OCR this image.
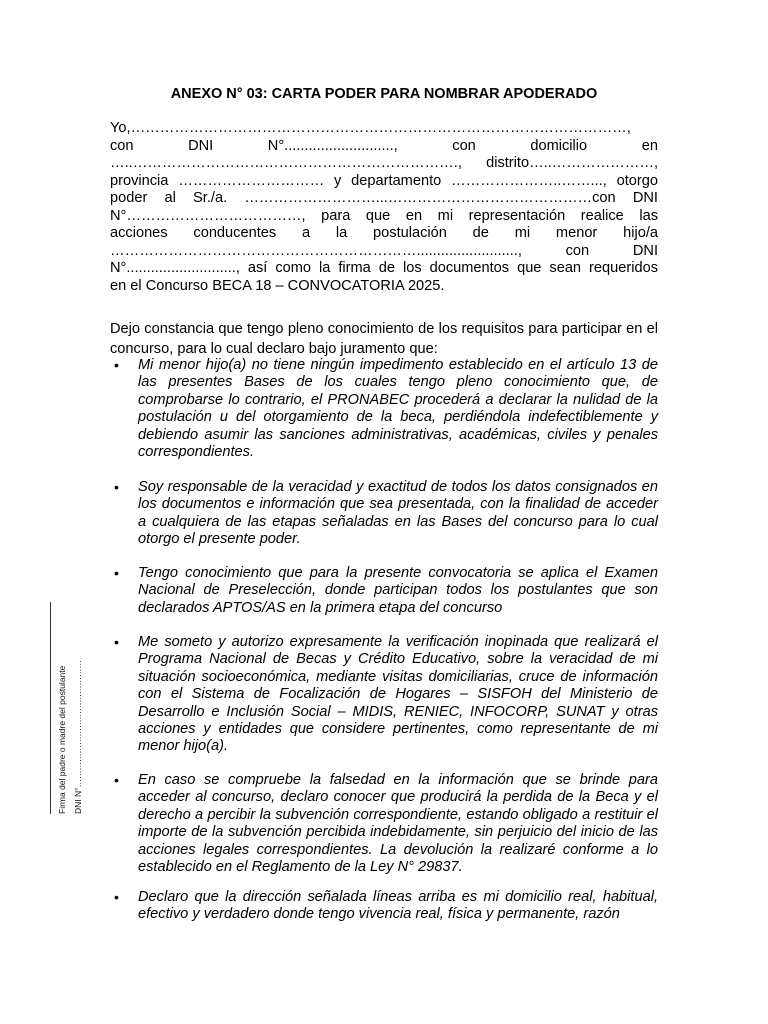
ANEXO N° 03: CARTA PODER PARA NOMBRAR APODERADO
Yo,…………………………………………………………………………………………,
con	DNI	N°...........................,	con	domicilio	en
…..…………………………………………………………., distrito…..…………………,
provincia ………………………… y departamento …………………..……..., otorgo
poder al Sr./a. ………………………...……………………………………con DNI
N°………………………………, para que en mi representación realice las
acciones conducentes a la postulación de mi menor hijo/a
……………………………………………………….........................,	con	DNI
N°..........................., así como la firma de los documentos que sean requeridos
en el Concurso BECA 18 – CONVOCATORIA 2025.

Dejo constancia que tengo pleno conocimiento de los requisitos para participar en el concurso, para lo cual declaro bajo juramento que:

• Mi menor hijo(a) no tiene ningún impedimento establecido en el artículo 13 de las presentes Bases de los cuales tengo pleno conocimiento que, de comprobarse lo contrario, el PRONABEC procederá a declarar la nulidad de la postulación u del otorgamiento de la beca, perdiéndola indefectiblemente y debiendo asumir las sanciones administrativas, académicas, civiles y penales correspondientes.
• Soy responsable de la veracidad y exactitud de todos los datos consignados en los documentos e información que sea presentada, con la finalidad de acceder a cualquiera de las etapas señaladas en las Bases del concurso para lo cual otorgo el presente poder.
• Tengo conocimiento que para la presente convocatoria se aplica el Examen Nacional de Preselección, donde participan todos los postulantes que son declarados APTOS/AS en la primera etapa del concurso
• Me someto y autorizo expresamente la verificación inopinada que realizará el Programa Nacional de Becas y Crédito Educativo, sobre la veracidad de mi situación socioeconómica, mediante visitas domiciliarias, cruce de información con el Sistema de Focalización de Hogares – SISFOH del Ministerio de Desarrollo e Inclusión Social – MIDIS, RENIEC, INFOCORP, SUNAT y otras acciones y entidades que considere pertinentes, como representante de mi menor hijo(a).
• En caso se compruebe la falsedad en la información que se brinde para acceder al concurso, declaro conocer que producirá la perdida de la Beca y el derecho a percibir la subvención correspondiente, estando obligado a restituir el importe de la subvención percibida indebidamente, sin perjuicio del inicio de las acciones legales correspondientes. La devolución la realizaré conforme a lo establecido en el Reglamento de la Ley N° 29837.
• Declaro que la dirección señalada líneas arriba es mi domicilio real, habitual, efectivo y verdadero donde tengo vivencia real, física y permanente, razón
Firma del padre o madre del postulante DNI N°………………………………………
